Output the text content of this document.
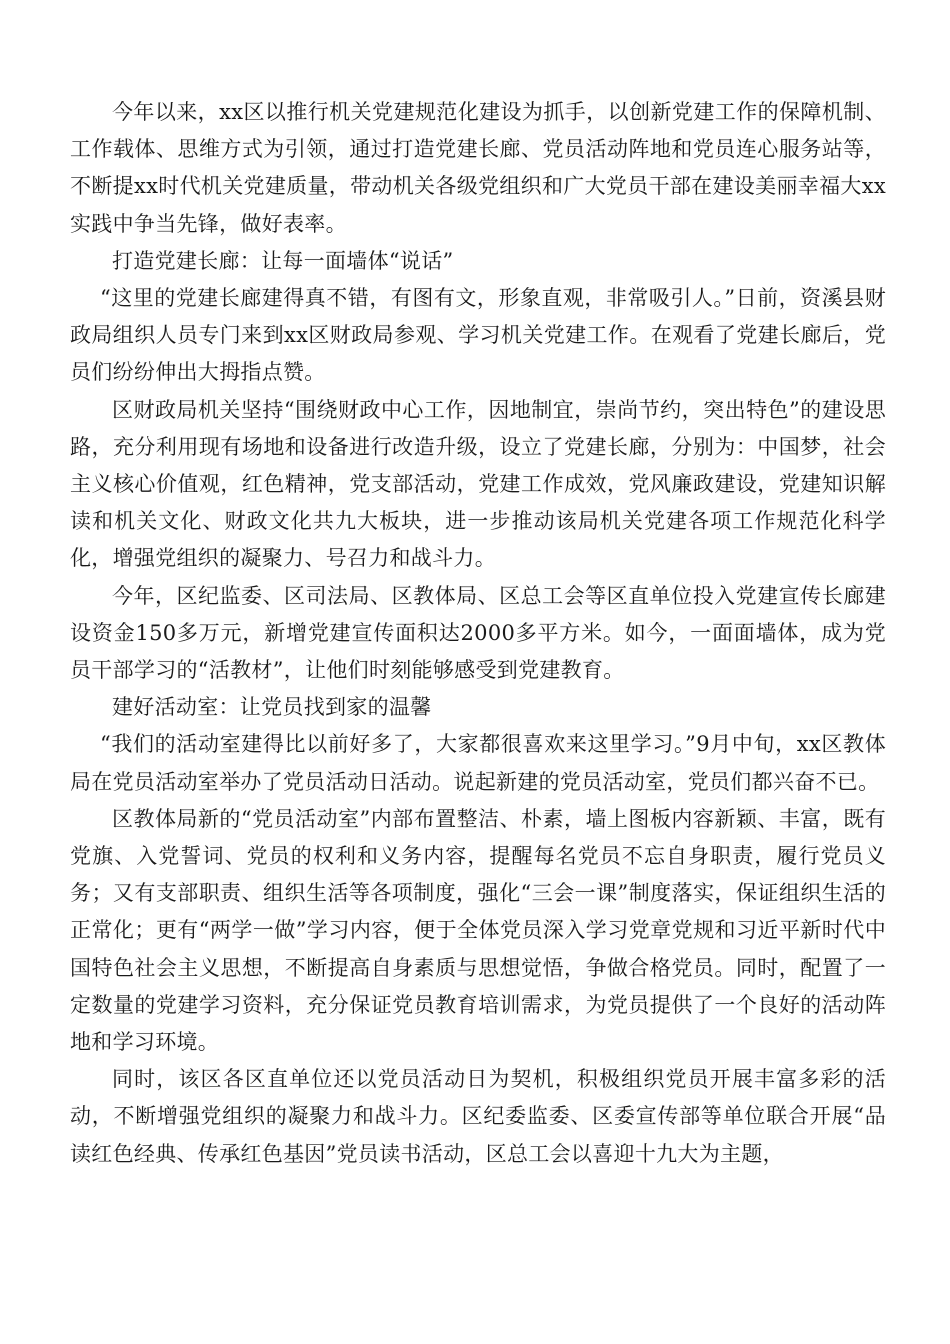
今年以来，xx区以推行机关党建规范化建设为抓手，以创新党建工作的保障机制、工作载体、思维方式为引领，通过打造党建长廊、党员活动阵地和党员连心服务站等，不断提xx时代机关党建质量，带动机关各级党组织和广大党员干部在建设美丽幸福大xx实践中争当先锋，做好表率。

打造党建长廊：让每一面墙体“说话”

“这里的党建长廊建得真不错，有图有文，形象直观，非常吸引人。”日前，资溪县财政局组织人员专门来到xx区财政局参观、学习机关党建工作。在观看了党建长廊后，党员们纷纷伸出大拇指点赞。

区财政局机关坚持“围绕财政中心工作，因地制宜，崇尚节约，突出特色”的建设思路，充分利用现有场地和设备进行改造升级，设立了党建长廊，分别为：中国梦，社会主义核心价值观，红色精神，党支部活动，党建工作成效，党风廉政建设，党建知识解读和机关文化、财政文化共九大板块，进一步推动该局机关党建各项工作规范化科学化，增强党组织的凝聚力、号召力和战斗力。

今年，区纪监委、区司法局、区教体局、区总工会等区直单位投入党建宣传长廊建设资金150多万元，新增党建宣传面积达2000多平方米。如今，一面面墙体，成为党员干部学习的“活教材”，让他们时刻能够感受到党建教育。

建好活动室：让党员找到家的温馨

“我们的活动室建得比以前好多了，大家都很喜欢来这里学习。”9月中旬，xx区教体局在党员活动室举办了党员活动日活动。说起新建的党员活动室，党员们都兴奋不已。

区教体局新的“党员活动室”内部布置整洁、朴素，墙上图板内容新颖、丰富，既有党旗、入党誓词、党员的权利和义务内容，提醒每名党员不忘自身职责，履行党员义务；又有支部职责、组织生活等各项制度，强化“三会一课”制度落实，保证组织生活的正常化；更有“两学一做”学习内容，便于全体党员深入学习党章党规和习近平新时代中国特色社会主义思想，不断提高自身素质与思想觉悟，争做合格党员。同时，配置了一定数量的党建学习资料，充分保证党员教育培训需求，为党员提供了一个良好的活动阵地和学习环境。

同时，该区各区直单位还以党员活动日为契机，积极组织党员开展丰富多彩的活动，不断增强党组织的凝聚力和战斗力。区纪委监委、区委宣传部等单位联合开展“品读红色经典、传承红色基因”党员读书活动，区总工会以喜迎十九大为主题，
